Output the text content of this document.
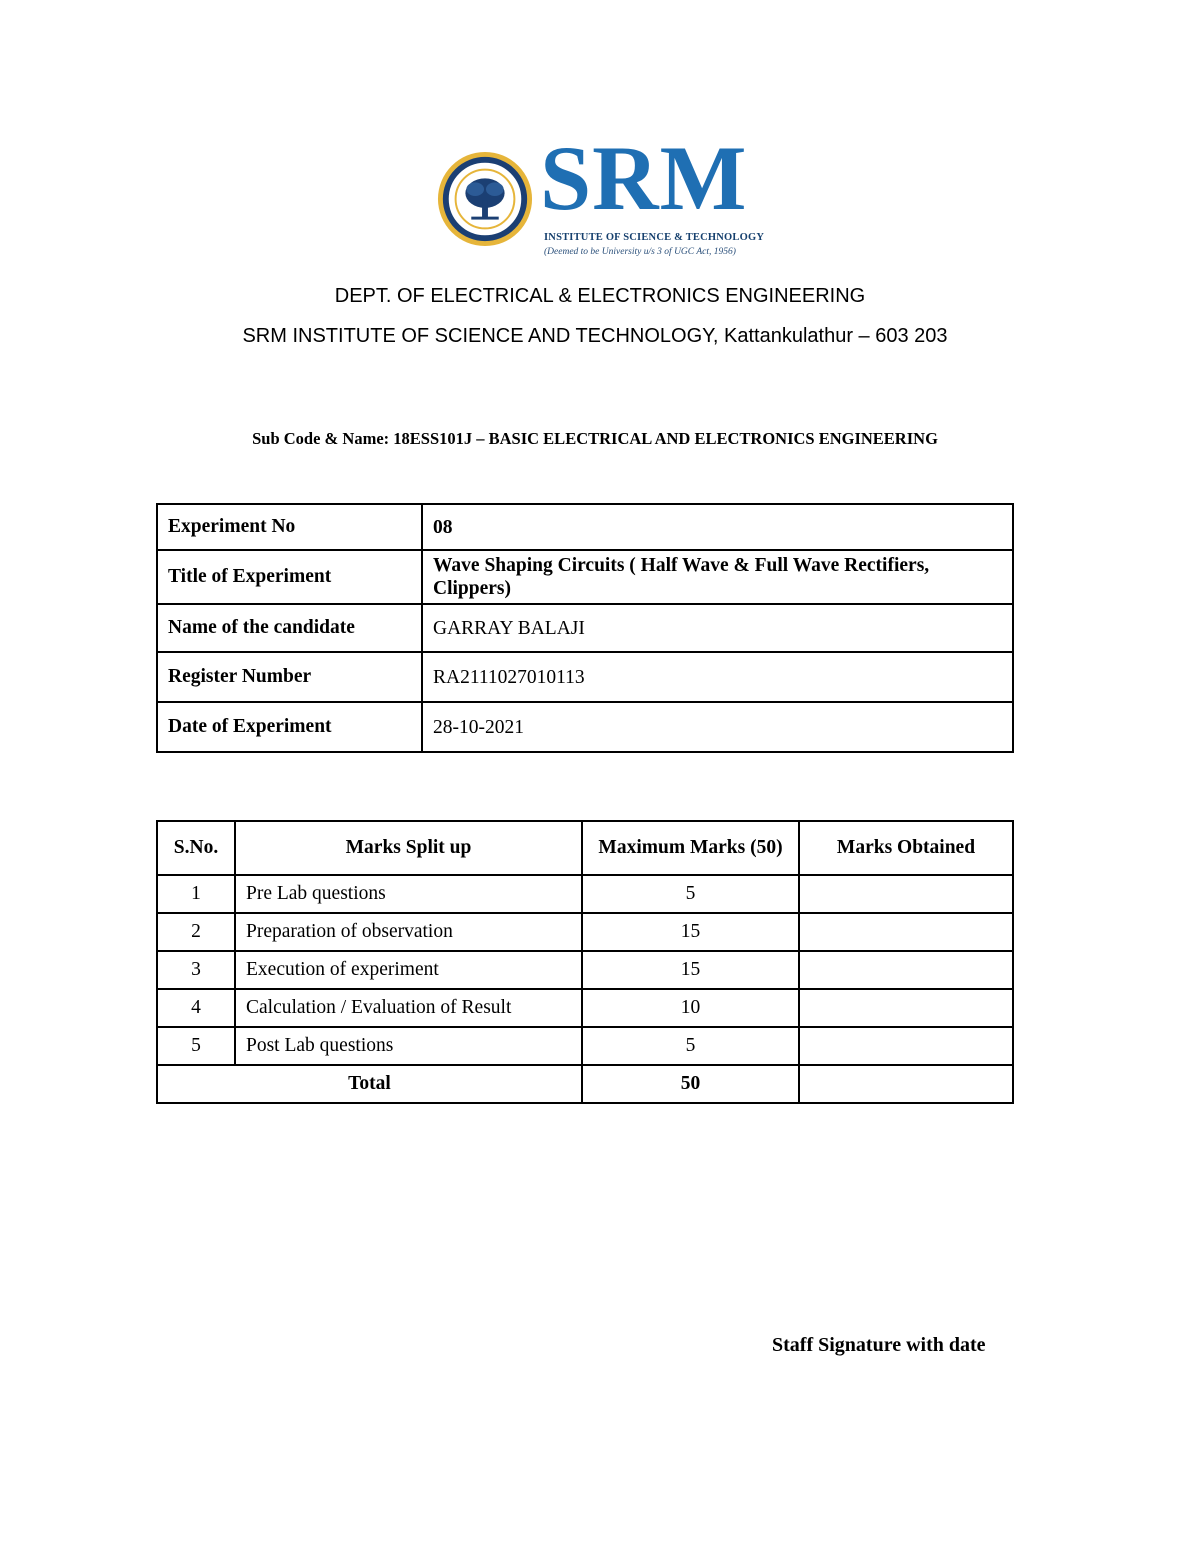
SRM
INSTITUTE OF SCIENCE & TECHNOLOGY
(Deemed to be University u/s 3 of UGC Act, 1956)
DEPT. OF ELECTRICAL & ELECTRONICS ENGINEERING
SRM INSTITUTE OF SCIENCE AND TECHNOLOGY, Kattankulathur – 603 203
Sub Code & Name: 18ESS101J – BASIC ELECTRICAL AND ELECTRONICS ENGINEERING
Experiment No	08
Title of Experiment	Wave Shaping Circuits ( Half Wave & Full Wave Rectifiers, Clippers)
Name of the candidate	GARRAY BALAJI
Register Number	RA2111027010113
Date of Experiment	28-10-2021
S.No.	Marks Split up	Maximum Marks (50)	Marks Obtained
1	Pre Lab questions	5	
2	Preparation of observation	15	
3	Execution of experiment	15	
4	Calculation / Evaluation of Result	10	
5	Post Lab questions	5	
Total		50	
Staff Signature with date
